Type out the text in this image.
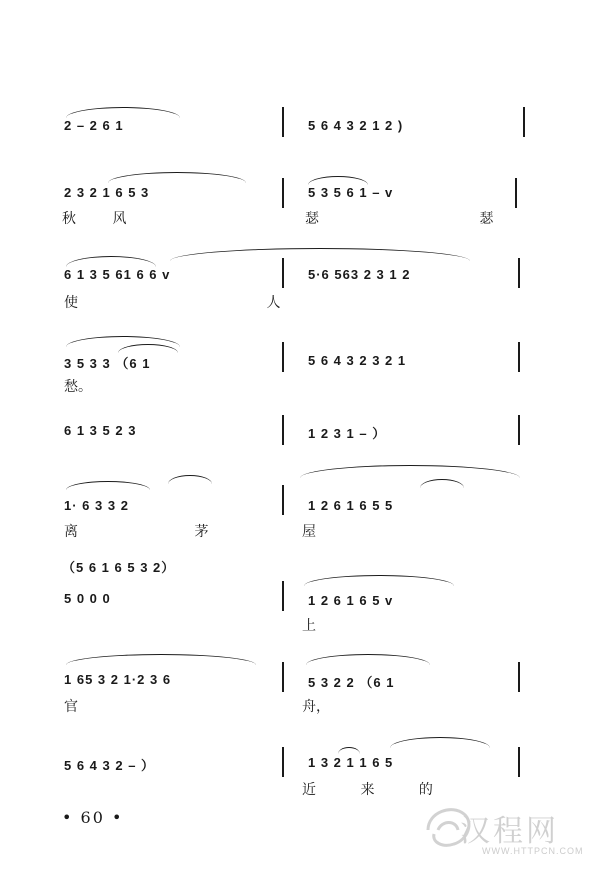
2 – 2 6 1	5 6 4 3 2 1 2 )
2 3 2 1 6 5 3	5 3 5 6 1 – v
秋 风	瑟 瑟
6 1 3 5 61 6 6 v	5·6 563 2 3 1 2
使 人
3 5 3 3 （6 1	5 6 4 3 2 3 2 1
愁。
6 1 3 5 2 3	1 2 3 1 – ）
1· 6 3 3 2	1 2 6 1 6 5 5
离 茅	屋
（5 6 1 6 5 3 2）
5 0 0 0	1 2 6 1 6 5 v
上
1 65 3 2 1·2 3 6	5 3 2 2 （6 1
官	舟，
5 6 4 3 2 – ）	1 3 2 1 1 6 5
近 来 的
• 60 •	汉程网
WWW.HTTPCN.COM
